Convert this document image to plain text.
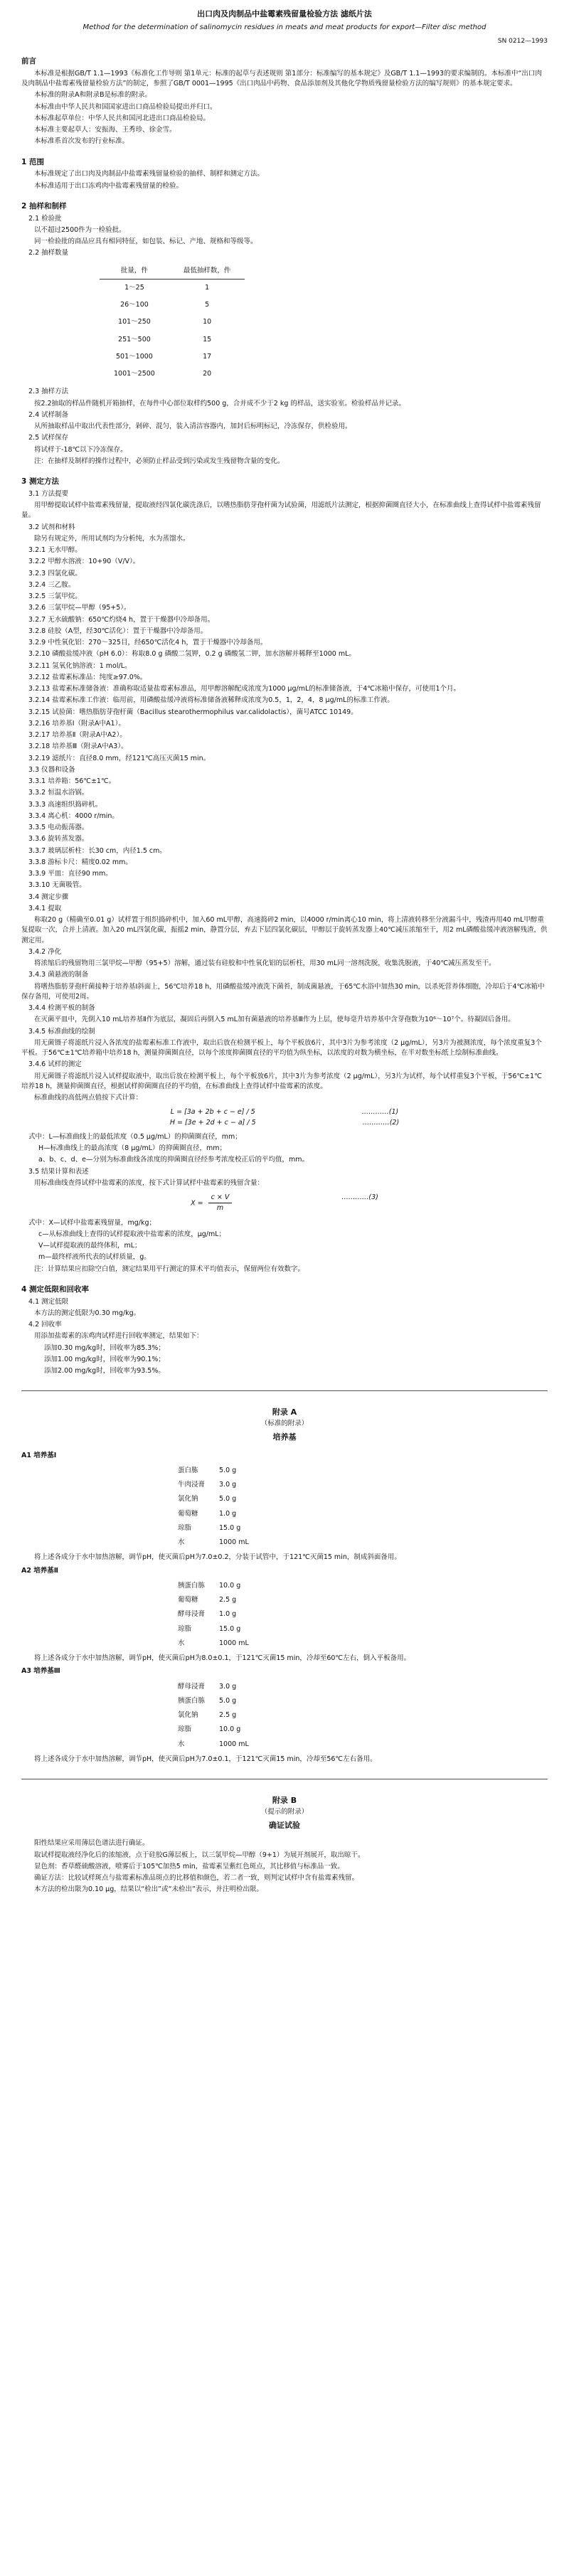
出口肉及肉制品中盐霉素残留量检验方法 滤纸片法
Method for the determination of salinomycin residues in meats and meat products for export—Filter disc method
SN 0212—1993
前言

本标准是根据GB/T 1.1—1993《标准化工作导则 第1单元：标准的起草与表述规则 第1部分：标准编写的基本规定》及GB/T 1.1—1993的要求编制的。本标准中“出口肉及肉制品中盐霉素残留量检验方法”的制定，参照了GB/T 0001—1995《出口肉品中药物、食品添加剂及其他化学物质残留量检验方法的编写规则》的基本规定要求。

本标准的附录A和附录B是标准的附录。

本标准由中华人民共和国国家进出口商品检验局提出并归口。

本标准起草单位：中华人民共和国河北进出口商品检验局。

本标准主要起草人：安振海、王秀珍、徐金雪。

本标准系首次发布的行业标准。

1 范围

本标准规定了出口肉及肉制品中盐霉素残留量检验的抽样、制样和测定方法。

本标准适用于出口冻鸡肉中盐霉素残留量的检验。

2 抽样和制样

2.1 检验批

以不超过2500件为一检验批。

同一检验批的商品应具有相同特征，如包装、标记、产地、规格和等级等。

2.2 抽样数量

批量，件	最低抽样数，件
1～25	1
26～100	5
101～250	10
251～500	15
501～1000	17
1001～2500	20

2.3 抽样方法

按2.2抽取的样品件随机开箱抽样，在每件中心部位取样约500 g，合并成不少于2 kg 的样品，送实验室。检验样品并记录。

2.4 试样制备

从所抽取样品中取出代表性部分，剁碎、混匀，装入清洁容器内，加封后标明标记，冷冻保存，供检验用。

2.5 试样保存

将试样于-18℃以下冷冻保存。

注：在抽样及制样的操作过程中，必须防止样品受到污染或发生残留物含量的变化。

3 测定方法

3.1 方法提要

用甲醇提取试样中盐霉素残留量，提取液经四氯化碳洗涤后，以嗜热脂肪芽孢杆菌为试验菌，用滤纸片法测定，根据抑菌圈直径大小，在标准曲线上查得试样中盐霉素残留量。

3.2 试剂和材料

除另有规定外，所用试剂均为分析纯，水为蒸馏水。

3.2.1 无水甲醇。

3.2.2 甲醇水溶液：10+90（V/V）。

3.2.3 四氯化碳。

3.2.4 三乙胺。

3.2.5 三氯甲烷。

3.2.6 三氯甲烷—甲醇（95+5）。

3.2.7 无水硫酸钠：650℃灼烧4 h，置于干燥器中冷却备用。

3.2.8 硅胶（A型，经30℃活化）：置于干燥器中冷却备用。

3.2.9 中性氧化铝：270～325目，经650℃活化4 h，置于干燥器中冷却备用。

3.2.10 磷酸盐缓冲液（pH 6.0）：称取8.0 g 磷酸二氢钾，0.2 g 磷酸氢二钾，加水溶解并稀释至1000 mL。

3.2.11 氢氧化钠溶液：1 mol/L。

3.2.12 盐霉素标准品：纯度≥97.0%。

3.2.13 盐霉素标准储备液：准确称取适量盐霉素标准品，用甲醇溶解配成浓度为1000 μg/mL的标准储备液，于4℃冰箱中保存，可使用1个月。

3.2.14 盐霉素标准工作液：临用前，用磷酸盐缓冲液将标准储备液稀释成浓度为0.5，1，2，4，8 μg/mL的标准工作液。

3.2.15 试验菌：嗜热脂肪芽孢杆菌（Bacillus stearothermophilus var.calidolactis），菌号ATCC 10149。

3.2.16 培养基Ⅰ（附录A中A1）。

3.2.17 培养基Ⅱ（附录A中A2）。

3.2.18 培养基Ⅲ（附录A中A3）。

3.2.19 滤纸片：直径8.0 mm，经121℃高压灭菌15 min。

3.3 仪器和设备

3.3.1 培养箱：56℃±1℃。

3.3.2 恒温水浴锅。

3.3.3 高速组织捣碎机。

3.3.4 离心机：4000 r/min。

3.3.5 电动振荡器。

3.3.6 旋转蒸发器。

3.3.7 玻璃层析柱：长30 cm，内径1.5 cm。

3.3.8 游标卡尺：精度0.02 mm。

3.3.9 平皿：直径90 mm。

3.3.10 无菌吸管。

3.4 测定步骤

3.4.1 提取

称取20 g（精确至0.01 g）试样置于组织捣碎机中，加入60 mL甲醇，高速捣碎2 min，以4000 r/min离心10 min，将上清液转移至分液漏斗中，残渣再用40 mL甲醇重复提取一次，合并上清液。加入20 mL四氯化碳，振摇2 min，静置分层，弃去下层四氯化碳层，甲醇层于旋转蒸发器上40℃减压浓缩至干，用2 mL磷酸盐缓冲液溶解残渣，供测定用。

3.4.2 净化

将浓缩后的残留物用三氯甲烷—甲醇（95+5）溶解，通过装有硅胶和中性氧化铝的层析柱，用30 mL同一溶剂洗脱，收集洗脱液，于40℃减压蒸发至干。

3.4.3 菌悬液的制备

将嗜热脂肪芽孢杆菌接种于培养基Ⅰ斜面上，56℃培养18 h，用磷酸盐缓冲液洗下菌苔，制成菌悬液，于65℃水浴中加热30 min，以杀死营养体细胞，冷却后于4℃冰箱中保存备用，可使用2周。

3.4.4 检测平板的制备

在灭菌平皿中，先倒入10 mL培养基Ⅱ作为底层，凝固后再倒入5 mL加有菌悬液的培养基Ⅲ作为上层，使每毫升培养基中含芽孢数为10⁶～10⁷个。待凝固后备用。

3.4.5 标准曲线的绘制

用无菌镊子将滤纸片浸入各浓度的盐霉素标准工作液中，取出后放在检测平板上，每个平板放6片，其中3片为参考浓度（2 μg/mL），另3片为被测浓度，每个浓度重复3个平板。于56℃±1℃培养箱中培养18 h，测量抑菌圈直径，以每个浓度抑菌圈直径的平均值为纵坐标，以浓度的对数为横坐标，在半对数坐标纸上绘制标准曲线。

3.4.6 试样的测定

用无菌镊子将滤纸片浸入试样提取液中，取出后放在检测平板上，每个平板放6片，其中3片为参考浓度（2 μg/mL），另3片为试样，每个试样重复3个平板，于56℃±1℃培养18 h，测量抑菌圈直径，根据试样抑菌圈直径的平均值，在标准曲线上查得试样中盐霉素的浓度。

标准曲线的高低两点值按下式计算：

L = [3a + 2b + c − e] / 5	…………(1)
H = [3e + 2d + c − a] / 5	…………(2)

式中：L—标准曲线上的最低浓度（0.5 μg/mL）的抑菌圈直径，mm；

H—标准曲线上的最高浓度（8 μg/mL）的抑菌圈直径，mm；

a、b、c、d、e—分别为标准曲线各浓度的抑菌圈直径经参考浓度校正后的平均值，mm。

3.5 结果计算和表述

用标准曲线查得试样中盐霉素的浓度，按下式计算试样中盐霉素的残留含量：

$X = \frac{c \times V}{m}$	…………(3)

式中：X—试样中盐霉素残留量，mg/kg；

c—从标准曲线上查得的试样提取液中盐霉素的浓度，μg/mL；

V—试样提取液的最终体积，mL；

m—最终样液所代表的试样质量，g。

注：计算结果应扣除空白值，测定结果用平行测定的算术平均值表示，保留两位有效数字。

4 测定低限和回收率

4.1 测定低限

本方法的测定低限为0.30 mg/kg。

4.2 回收率

用添加盐霉素的冻鸡肉试样进行回收率测定，结果如下：

添加0.30 mg/kg时，回收率为85.3%；

添加1.00 mg/kg时，回收率为90.1%；

添加2.00 mg/kg时，回收率为93.5%。

附录 A
（标准的附录）
培养基
A1 培养基Ⅰ
蛋白胨	5.0 g
牛肉浸膏	3.0 g
氯化钠	5.0 g
葡萄糖	1.0 g
琼脂	15.0 g
水	1000 mL

将上述各成分于水中加热溶解，调节pH，使灭菌后pH为7.0±0.2，分装于试管中，于121℃灭菌15 min，制成斜面备用。

A2 培养基Ⅱ
胰蛋白胨	10.0 g
葡萄糖	2.5 g
酵母浸膏	1.0 g
琼脂	15.0 g
水	1000 mL

将上述各成分于水中加热溶解，调节pH，使灭菌后pH为8.0±0.1，于121℃灭菌15 min，冷却至60℃左右，倒入平板备用。

A3 培养基Ⅲ
酵母浸膏	3.0 g
胰蛋白胨	5.0 g
氯化钠	2.5 g
琼脂	10.0 g
水	1000 mL

将上述各成分于水中加热溶解，调节pH，使灭菌后pH为7.0±0.1，于121℃灭菌15 min，冷却至56℃左右备用。

附录 B
（提示的附录）
确证试验

阳性结果应采用薄层色谱法进行确证。

取试样提取液经净化后的浓缩液，点于硅胶G薄层板上，以三氯甲烷—甲醇（9+1）为展开剂展开，取出晾干。

显色剂：香草醛硫酸溶液，喷雾后于105℃加热5 min，盐霉素呈紫红色斑点，其比移值与标准品一致。

确证方法：比较试样斑点与盐霉素标准品斑点的比移值和颜色，若二者一致，则判定试样中含有盐霉素残留。

本方法的检出限为0.10 μg，结果以“检出”或“未检出”表示，并注明检出限。
